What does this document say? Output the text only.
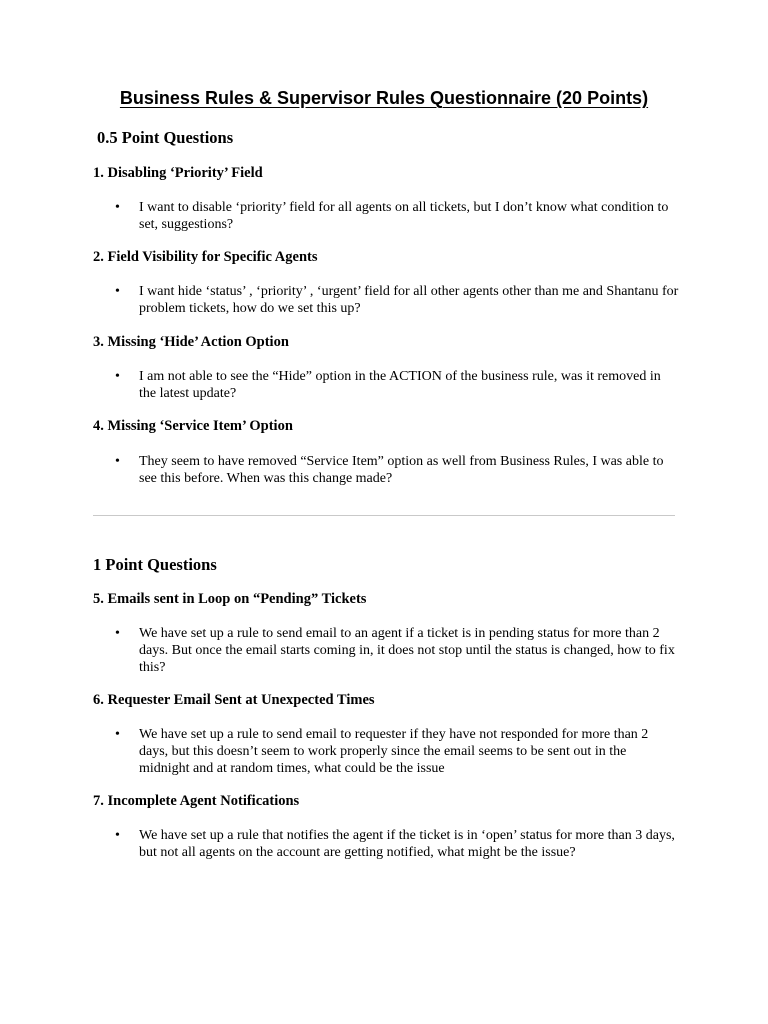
Business Rules & Supervisor Rules Questionnaire (20 Points)
0.5 Point Questions
1. Disabling ‘Priority’ Field
• I want to disable ‘priority’ field for all agents on all tickets, but I don’t know what condition to set, suggestions?
2. Field Visibility for Specific Agents
• I want hide ‘status’ , ‘priority’ , ‘urgent’ field for all other agents other than me and Shantanu for problem tickets, how do we set this up?
3. Missing ‘Hide’ Action Option
• I am not able to see the “Hide” option in the ACTION of the business rule, was it removed in the latest update?
4. Missing ‘Service Item’ Option
• They seem to have removed “Service Item” option as well from Business Rules, I was able to see this before. When was this change made?
1 Point Questions
5. Emails sent in Loop on “Pending” Tickets
• We have set up a rule to send email to an agent if a ticket is in pending status for more than 2 days. But once the email starts coming in, it does not stop until the status is changed, how to fix this?
6. Requester Email Sent at Unexpected Times
• We have set up a rule to send email to requester if they have not responded for more than 2 days, but this doesn’t seem to work properly since the email seems to be sent out in the midnight and at random times, what could be the issue
7. Incomplete Agent Notifications
• We have set up a rule that notifies the agent if the ticket is in ‘open’ status for more than 3 days, but not all agents on the account are getting notified, what might be the issue?
